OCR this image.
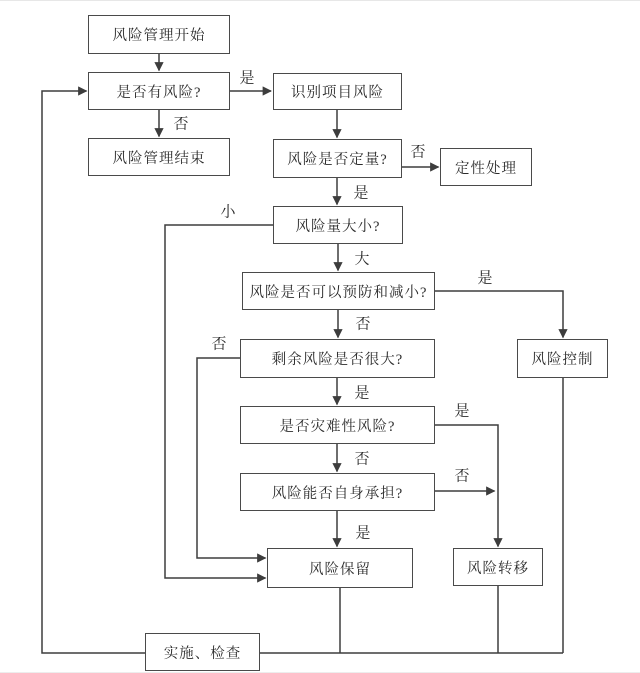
风险管理开始
是否有风险?
风险管理结束
识别项目风险
风险是否定量?
定性处理
风险量大小?
风险是否可以预防和减小?
风险控制
剩余风险是否很大?
是否灾难性风险?
风险能否自身承担?
风险保留	风险转移
实施、检查
是
否
否
是
小
大
是
否
否
是
是
否
否
是
